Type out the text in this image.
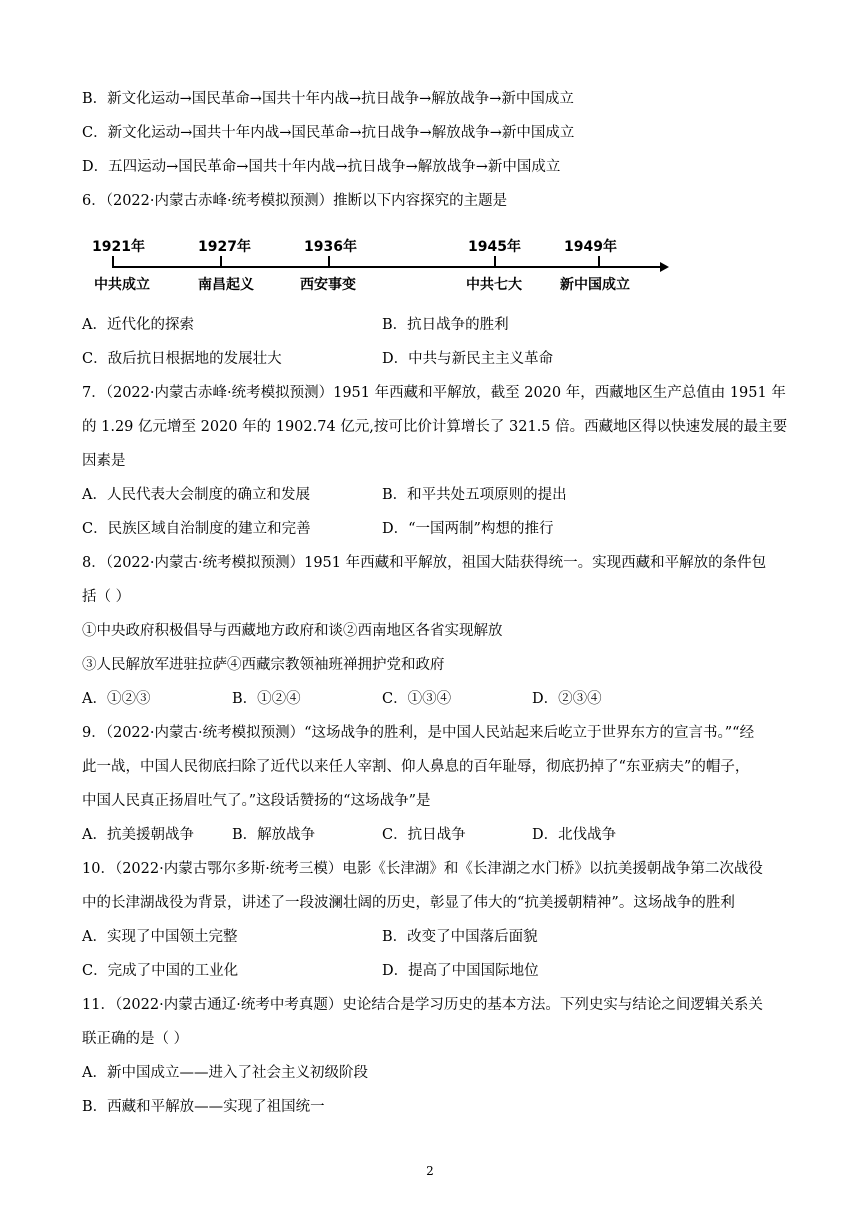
B．新文化运动→国民革命→国共十年内战→抗日战争→解放战争→新中国成立
C．新文化运动→国共十年内战→国民革命→抗日战争→解放战争→新中国成立
D．五四运动→国民革命→国共十年内战→抗日战争→解放战争→新中国成立
6．（2022·内蒙古赤峰·统考模拟预测）推断以下内容探究的主题是
1921年
中共成立
1927年
南昌起义
1936年
西安事变
1945年
中共七大
1949年
新中国成立
A．近代化的探索	B．抗日战争的胜利
C．敌后抗日根据地的发展壮大	D．中共与新民主主义革命
7．（2022·内蒙古赤峰·统考模拟预测）1951 年西藏和平解放，截至 2020 年，西藏地区生产总值由 1951 年
的 1.29 亿元增至 2020 年的 1902.74 亿元,按可比价计算增长了 321.5 倍。西藏地区得以快速发展的最主要
因素是
A．人民代表大会制度的确立和发展	B．和平共处五项原则的提出
C．民族区域自治制度的建立和完善	D．“一国两制”构想的推行
8．（2022·内蒙古·统考模拟预测）1951 年西藏和平解放，祖国大陆获得统一。实现西藏和平解放的条件包
括（ ）
①中央政府积极倡导与西藏地方政府和谈②西南地区各省实现解放
③人民解放军进驻拉萨④西藏宗教领袖班禅拥护党和政府
A．①②③	B．①②④	C．①③④	D．②③④
9．（2022·内蒙古·统考模拟预测）“这场战争的胜利，是中国人民站起来后屹立于世界东方的宣言书。”“经
此一战，中国人民彻底扫除了近代以来任人宰割、仰人鼻息的百年耻辱，彻底扔掉了“东亚病夫”的帽子，
中国人民真正扬眉吐气了。”这段话赞扬的“这场战争”是
A．抗美援朝战争	B．解放战争	C．抗日战争	D．北伐战争
10．（2022·内蒙古鄂尔多斯·统考三模）电影《长津湖》和《长津湖之水门桥》以抗美援朝战争第二次战役
中的长津湖战役为背景，讲述了一段波澜壮阔的历史，彰显了伟大的“抗美援朝精神”。这场战争的胜利
A．实现了中国领土完整	B．改变了中国落后面貌
C．完成了中国的工业化	D．提高了中国国际地位
11．（2022·内蒙古通辽·统考中考真题）史论结合是学习历史的基本方法。下列史实与结论之间逻辑关系关
联正确的是（ ）
A．新中国成立——进入了社会主义初级阶段
B．西藏和平解放——实现了祖国统一
2
